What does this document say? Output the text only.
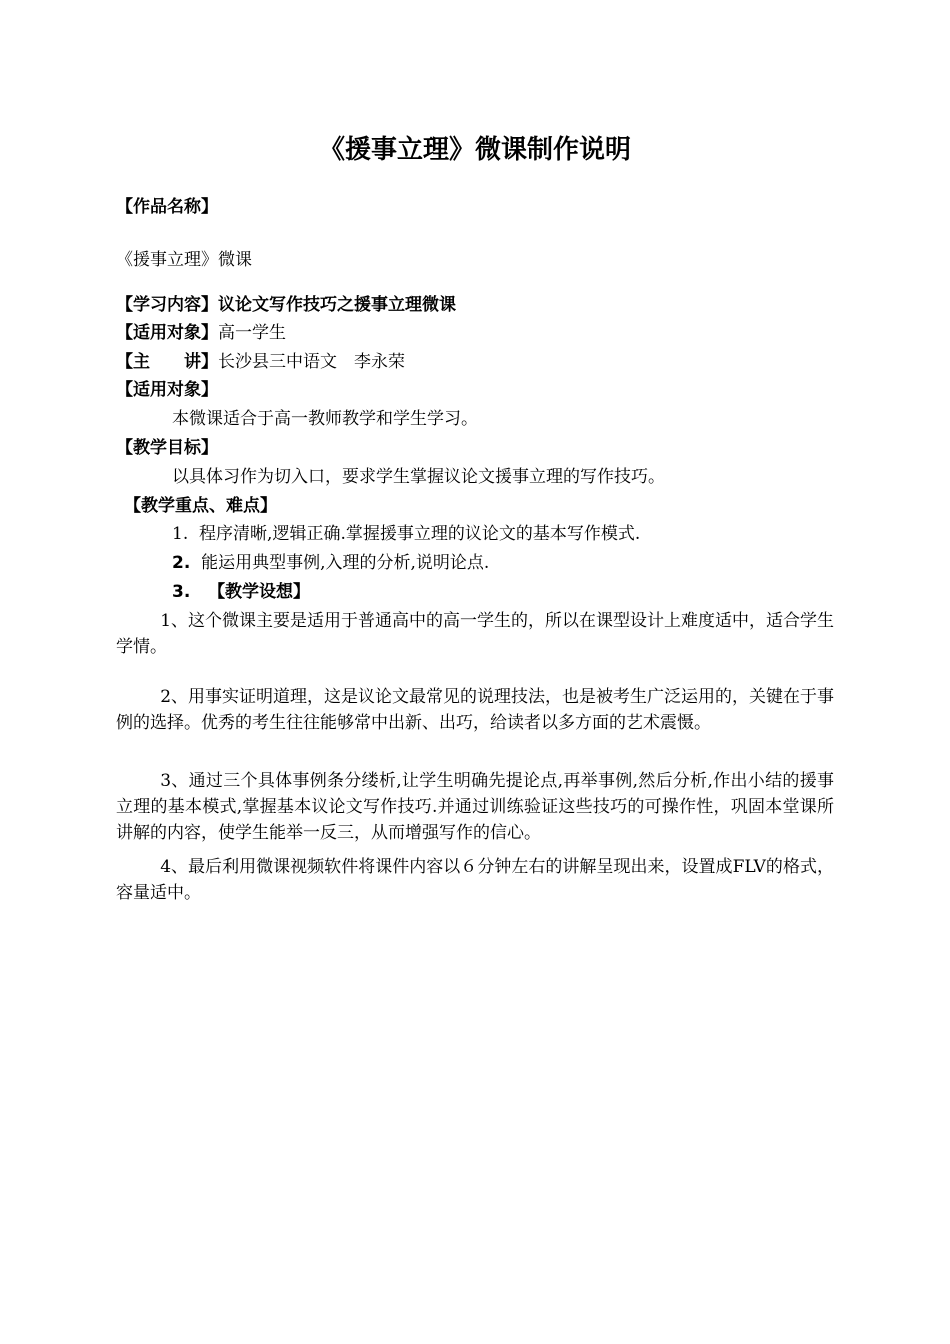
《援事立理》微课制作说明
【作品名称】
《援事立理》微课
【学习内容】议论文写作技巧之援事立理微课
【适用对象】高一学生
【主　　讲】长沙县三中语文　李永荣
【适用对象】
本微课适合于高一教师教学和学生学习。
【教学目标】
以具体习作为切入口，要求学生掌握议论文援事立理的写作技巧。
【教学重点、难点】
1. 程序清晰,逻辑正确.掌握援事立理的议论文的基本写作模式.
2. 能运用典型事例,入理的分析,说明论点.
3. 【教学设想】
1、这个微课主要是适用于普通高中的高一学生的，所以在课型设计上难度适中，适合学生学情。
2、用事实证明道理，这是议论文最常见的说理技法，也是被考生广泛运用的，关键在于事例的选择。优秀的考生往往能够常中出新、出巧，给读者以多方面的艺术震慑。
3、通过三个具体事例条分缕析,让学生明确先提论点,再举事例,然后分析,作出小结的援事立理的基本模式,掌握基本议论文写作技巧.并通过训练验证这些技巧的可操作性，巩固本堂课所讲解的内容，使学生能举一反三，从而增强写作的信心。
4、最后利用微课视频软件将课件内容以６分钟左右的讲解呈现出来，设置成FLV的格式，容量适中。
